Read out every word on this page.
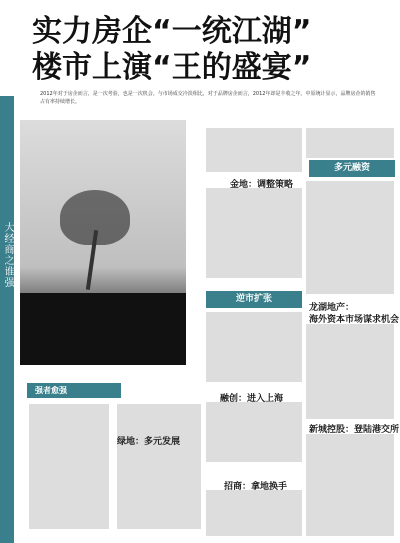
大经商之谁强
实力房企“一统江湖”
楼市上演“王的盛宴”
2012年对于房企而言，是一次考验，也是一次机会。与市场成交冷淡相比，对于品牌房企而言，2012年却是丰收之年。中原统计显示，品牌房企的销售占有率持续增长。
强者愈强
绿地：多元发展
金地：调整策略
逆市扩张
融创：进入上海
招商：拿地换手
多元融资
龙湖地产：
海外资本市场谋求机会
新城控股：登陆港交所
